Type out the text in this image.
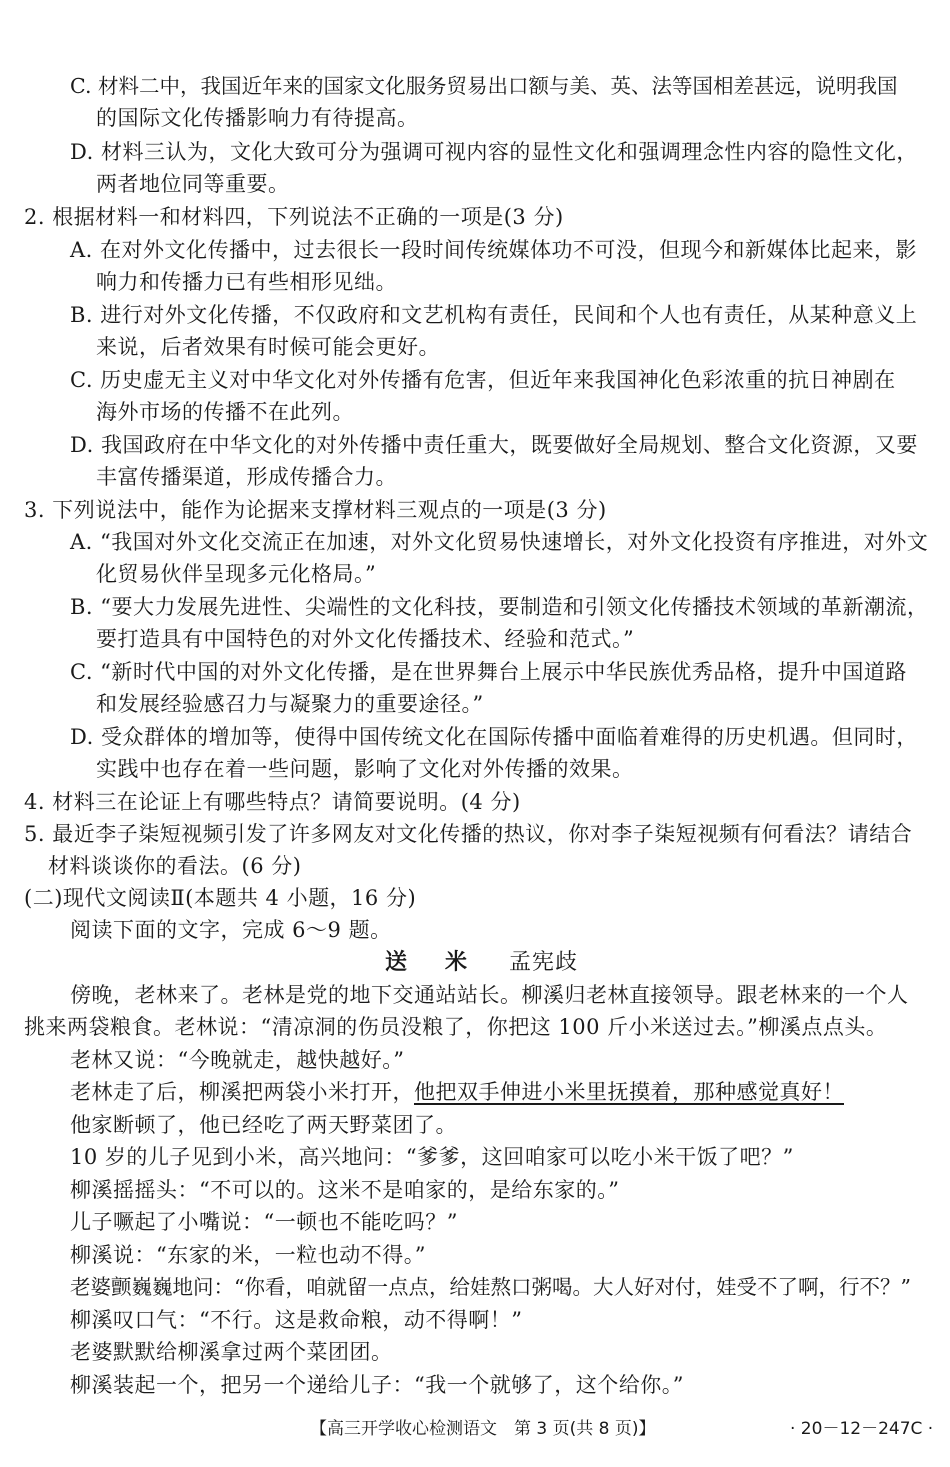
C. 材料二中，我国近年来的国家文化服务贸易出口额与美、英、法等国相差甚远，说明我国
的国际文化传播影响力有待提高。
D. 材料三认为，文化大致可分为强调可视内容的显性文化和强调理念性内容的隐性文化，
两者地位同等重要。
2. 根据材料一和材料四，下列说法不正确的一项是(3 分)
A. 在对外文化传播中，过去很长一段时间传统媒体功不可没，但现今和新媒体比起来，影
响力和传播力已有些相形见绌。
B. 进行对外文化传播，不仅政府和文艺机构有责任，民间和个人也有责任，从某种意义上
来说，后者效果有时候可能会更好。
C. 历史虚无主义对中华文化对外传播有危害，但近年来我国神化色彩浓重的抗日神剧在
海外市场的传播不在此列。
D. 我国政府在中华文化的对外传播中责任重大，既要做好全局规划、整合文化资源，又要
丰富传播渠道，形成传播合力。
3. 下列说法中，能作为论据来支撑材料三观点的一项是(3 分)
A. “我国对外文化交流正在加速，对外文化贸易快速增长，对外文化投资有序推进，对外文
化贸易伙伴呈现多元化格局。”
B. “要大力发展先进性、尖端性的文化科技，要制造和引领文化传播技术领域的革新潮流，
要打造具有中国特色的对外文化传播技术、经验和范式。”
C. “新时代中国的对外文化传播，是在世界舞台上展示中华民族优秀品格，提升中国道路
和发展经验感召力与凝聚力的重要途径。”
D. 受众群体的增加等，使得中国传统文化在国际传播中面临着难得的历史机遇。但同时，
实践中也存在着一些问题，影响了文化对外传播的效果。
4. 材料三在论证上有哪些特点？请简要说明。(4 分)
5. 最近李子柒短视频引发了许多网友对文化传播的热议，你对李子柒短视频有何看法？请结合
材料谈谈你的看法。(6 分)
(二)现代文阅读Ⅱ(本题共 4 小题，16 分)
阅读下面的文字，完成 6～9 题。
送米 孟宪歧
傍晚，老林来了。老林是党的地下交通站站长。柳溪归老林直接领导。跟老林来的一个人
挑来两袋粮食。老林说：“清凉洞的伤员没粮了，你把这 100 斤小米送过去。”柳溪点点头。
老林又说：“今晚就走，越快越好。”
老林走了后，柳溪把两袋小米打开，他把双手伸进小米里抚摸着，那种感觉真好！
他家断顿了，他已经吃了两天野菜团了。
10 岁的儿子见到小米，高兴地问：“爹爹，这回咱家可以吃小米干饭了吧？”
柳溪摇摇头：“不可以的。这米不是咱家的，是给东家的。”
儿子噘起了小嘴说：“一顿也不能吃吗？”
柳溪说：“东家的米，一粒也动不得。”
老婆颤巍巍地问：“你看，咱就留一点点，给娃熬口粥喝。大人好对付，娃受不了啊，行不？”
柳溪叹口气：“不行。这是救命粮，动不得啊！”
老婆默默给柳溪拿过两个菜团团。
柳溪装起一个，把另一个递给儿子：“我一个就够了，这个给你。”
【高三开学收心检测语文　第 3 页(共 8 页)】	· 20－12－247C ·
